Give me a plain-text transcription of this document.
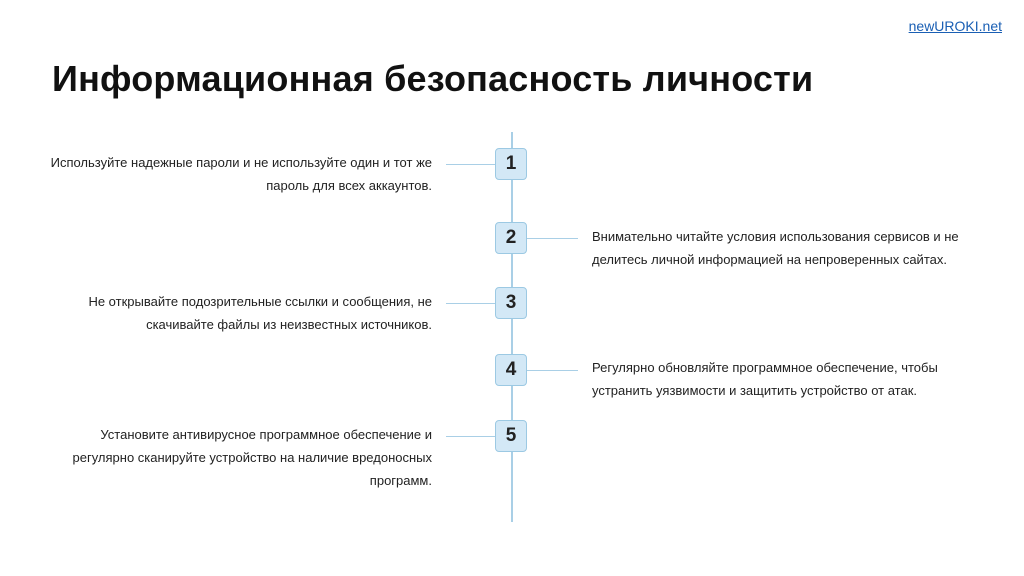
newUROKI.net
Информационная безопасность личности
1

Используйте надежные пароли и не используйте один и тот же пароль для всех аккаунтов.

2	Внимательно читайте условия использования сервисов и не делитесь личной информацией на непроверенных сайтах.

3

Не открывайте подозрительные ссылки и сообщения, не скачивайте файлы из неизвестных источников.

4	Регулярно обновляйте программное обеспечение, чтобы устранить уязвимости и защитить устройство от атак.

5

Установите антивирусное программное обеспечение и регулярно сканируйте устройство на наличие вредоносных программ.
